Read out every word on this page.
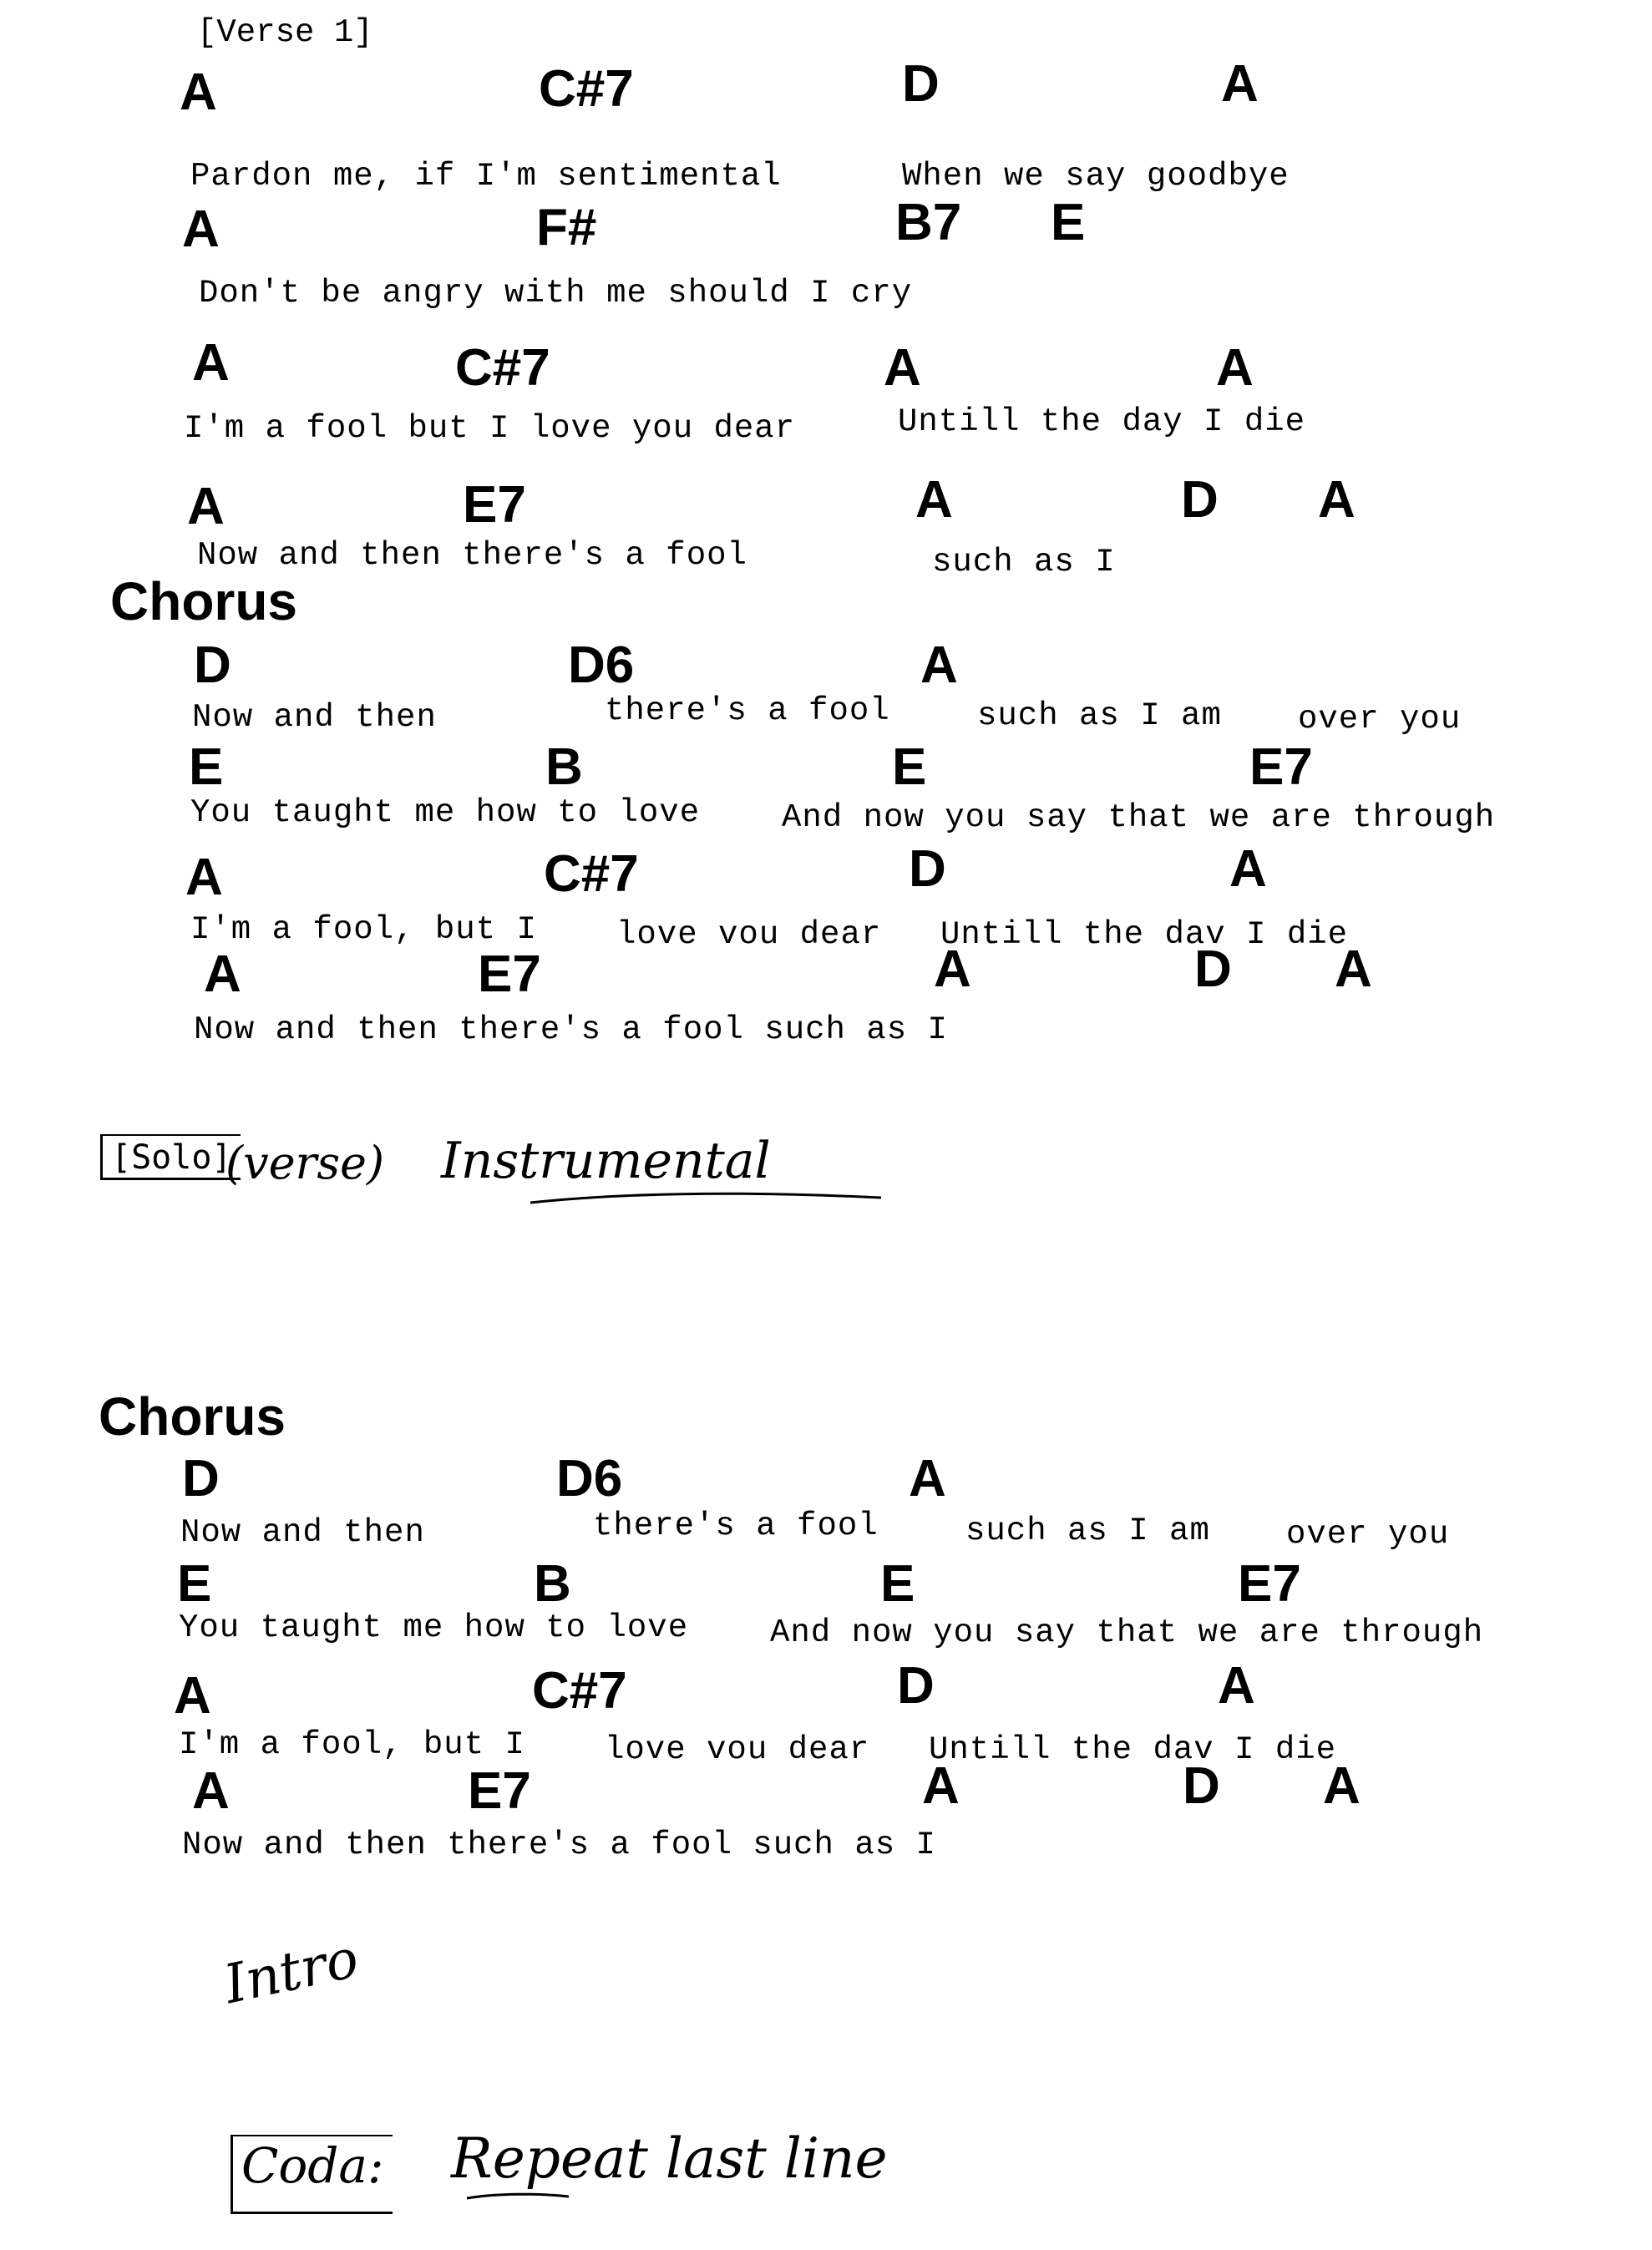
[Verse 1]
A	C#7	D	A
Pardon me, if I'm sentimental	When we say goodbye
A	F#	B7 E
Don't be angry with me should I cry
A	C#7	A	A
I'm a fool but I love you dear	Untill the day I die
A	E7	A	D A
Now and then there's a fool	such as I
Chorus
D	D6	A
Now and then	there's a fool	such as I am over you
E	B	E	E7
You taught me how to love	And now you say that we are through
A	C#7	D	A
I'm a fool, but I love vou dear Untill the dav I die
A	E7	A	D A
Now and then there's a fool such as I
[Solo]
(verse) Instrumental
Chorus
D	D6	A
Now and then	there's a fool	such as I am over you
E	B	E	E7
You taught me how to love	And now you say that we are through
A	C#7	D	A
I'm a fool, but I love vou dear Untill the dav I die
A	E7	A	D A
Now and then there's a fool such as I
Intro
Coda: Repeat last line
